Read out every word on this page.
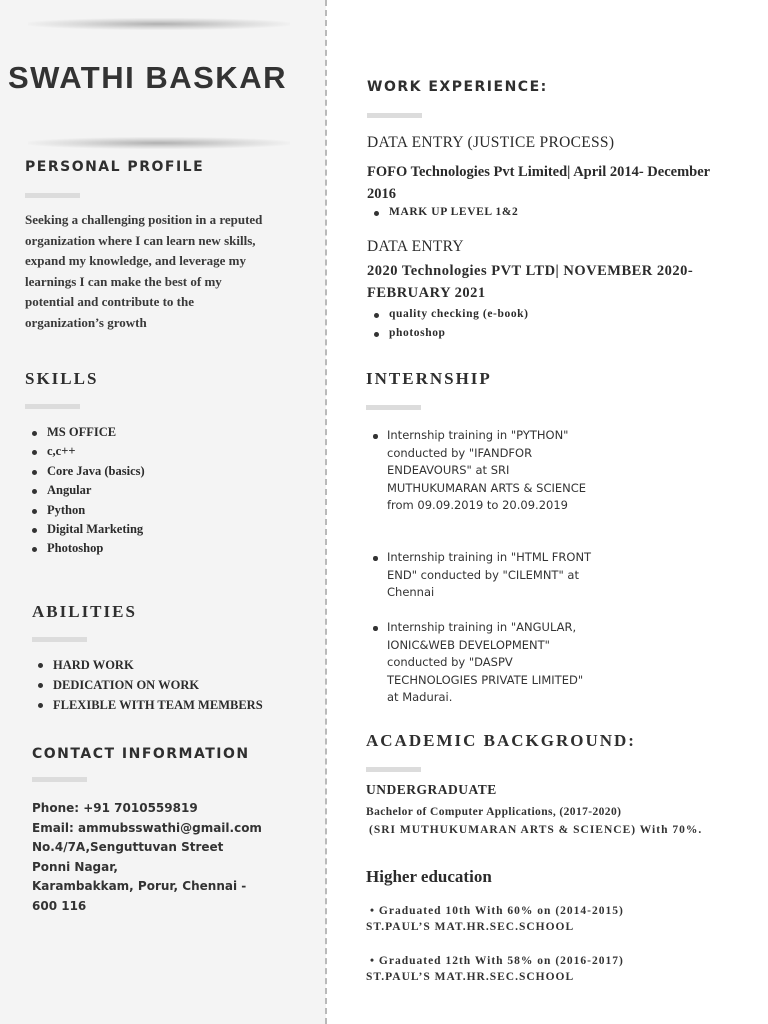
SWATHI BASKAR
PERSONAL PROFILE
Seeking a challenging position in a reputed organization where I can learn new skills, expand my knowledge, and leverage my learnings I can make the best of my potential and contribute to the organization’s growth
SKILLS
MS OFFICE
c,c++
Core Java (basics)
Angular
Python
Digital Marketing
Photoshop
ABILITIES
HARD WORK
DEDICATION ON WORK
FLEXIBLE WITH TEAM MEMBERS
CONTACT INFORMATION
Phone: +91 7010559819
Email: ammubsswathi@gmail.com
No.4/7A,Senguttuvan Street
Ponni Nagar,
Karambakkam, Porur, Chennai -
600 116
WORK EXPERIENCE:
DATA ENTRY (JUSTICE PROCESS)
FOFO Technologies Pvt Limited| April 2014- December 2016
MARK UP LEVEL 1&2
DATA ENTRY
2020 Technologies PVT LTD| NOVEMBER 2020- FEBRUARY 2021
quality checking (e-book)
photoshop
INTERNSHIP
Internship training in "PYTHON" conducted by "IFANDFOR ENDEAVOURS" at SRI MUTHUKUMARAN ARTS & SCIENCE from 09.09.2019 to 20.09.2019
Internship training in "HTML FRONT END" conducted by "CILEMNT" at Chennai
Internship training in "ANGULAR, IONIC&WEB DEVELOPMENT" conducted by "DASPV TECHNOLOGIES PRIVATE LIMITED" at Madurai.
ACADEMIC BACKGROUND:
UNDERGRADUATE
Bachelor of Computer Applications, (2017-2020)
(SRI MUTHUKUMARAN ARTS & SCIENCE) With 70%.
Higher education
• Graduated 10th With 60% on (2014-2015)
ST.PAUL’S MAT.HR.SEC.SCHOOL
• Graduated 12th With 58% on (2016-2017)
ST.PAUL’S MAT.HR.SEC.SCHOOL
